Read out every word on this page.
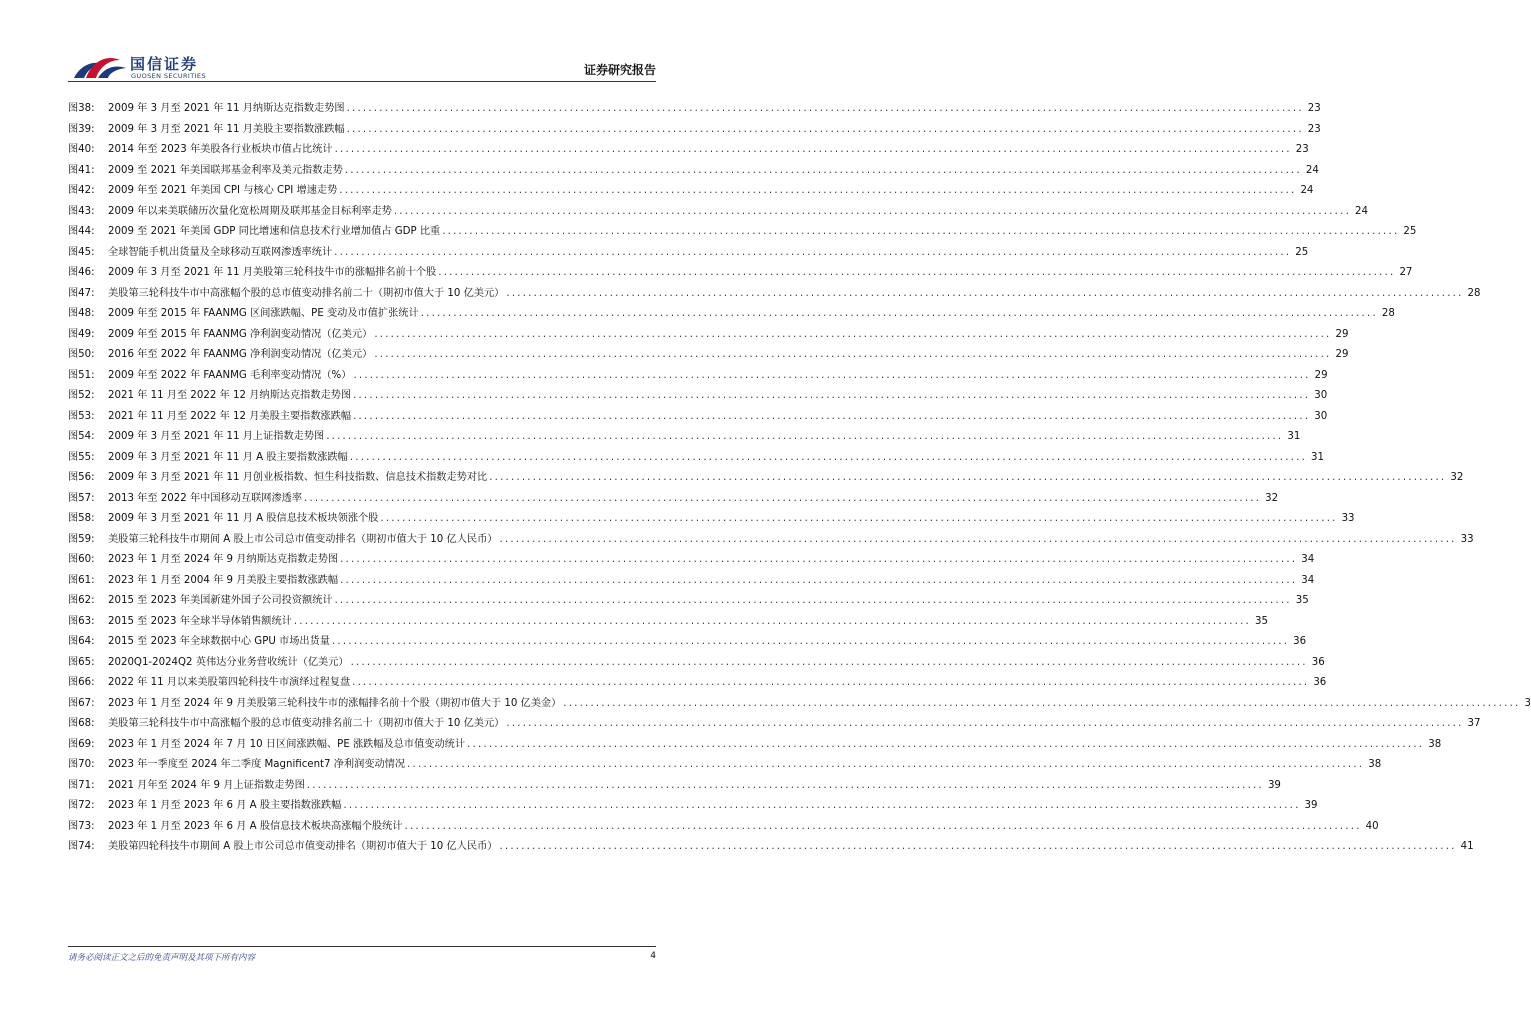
国信证券
GUOSEN SECURITIES	证券研究报告
图38:	2009 年 3 月至 2021 年 11 月纳斯达克指数走势图 .....	23
图39:	2009 年 3 月至 2021 年 11 月美股主要指数涨跌幅 .....	23
图40:	2014 年至 2023 年美股各行业板块市值占比统计 .....	23
图41:	2009 至 2021 年美国联邦基金利率及美元指数走势 .....	24
图42:	2009 年至 2021 年美国 CPI 与核心 CPI 增速走势 .....	24
图43:	2009 年以来美联储历次量化宽松周期及联邦基金目标利率走势 .....	24
图44:	2009 至 2021 年美国 GDP 同比增速和信息技术行业增加值占 GDP 比重 .....	25
图45:	全球智能手机出货量及全球移动互联网渗透率统计 .....	25
图46:	2009 年 3 月至 2021 年 11 月美股第三轮科技牛市的涨幅排名前十个股 .....	27
图47:	美股第三轮科技牛市中高涨幅个股的总市值变动排名前二十（期初市值大于 10 亿美元） .....	28
图48:	2009 年至 2015 年 FAANMG 区间涨跌幅、PE 变动及市值扩张统计 .....	28
图49:	2009 年至 2015 年 FAANMG 净利润变动情况（亿美元） .....	29
图50:	2016 年至 2022 年 FAANMG 净利润变动情况（亿美元） .....	29
图51:	2009 年至 2022 年 FAANMG 毛利率变动情况（%） .....	29
图52:	2021 年 11 月至 2022 年 12 月纳斯达克指数走势图 .....	30
图53:	2021 年 11 月至 2022 年 12 月美股主要指数涨跌幅 .....	30
图54:	2009 年 3 月至 2021 年 11 月上证指数走势图 .....	31
图55:	2009 年 3 月至 2021 年 11 月 A 股主要指数涨跌幅 .....	31
图56:	2009 年 3 月至 2021 年 11 月创业板指数、恒生科技指数、信息技术指数走势对比 .....	32
图57:	2013 年至 2022 年中国移动互联网渗透率 .....	32
图58:	2009 年 3 月至 2021 年 11 月 A 股信息技术板块领涨个股 .....	33
图59:	美股第三轮科技牛市期间 A 股上市公司总市值变动排名（期初市值大于 10 亿人民币） .....	33
图60:	2023 年 1 月至 2024 年 9 月纳斯达克指数走势图 .....	34
图61:	2023 年 1 月至 2004 年 9 月美股主要指数涨跌幅 .....	34
图62:	2015 至 2023 年美国新建外国子公司投资额统计 .....	35
图63:	2015 至 2023 年全球半导体销售额统计 .....	35
图64:	2015 至 2023 年全球数据中心 GPU 市场出货量 .....	36
图65:	2020Q1-2024Q2 英伟达分业务营收统计（亿美元） .....	36
图66:	2022 年 11 月以来美股第四轮科技牛市演绎过程复盘 .....	36
图67:	2023 年 1 月至 2024 年 9 月美股第三轮科技牛市的涨幅排名前十个股（期初市值大于 10 亿美金） .....	3
图68:	美股第三轮科技牛市中高涨幅个股的总市值变动排名前二十（期初市值大于 10 亿美元） .....	37
图69:	2023 年 1 月至 2024 年 7 月 10 日区间涨跌幅、PE 涨跌幅及总市值变动统计 .....	38
图70:	2023 年一季度至 2024 年二季度 Magnificent7 净利润变动情况 .....	38
图71:	2021 月年至 2024 年 9 月上证指数走势图 .....	39
图72:	2023 年 1 月至 2023 年 6 月 A 股主要指数涨跌幅 .....	39
图73:	2023 年 1 月至 2023 年 6 月 A 股信息技术板块高涨幅个股统计 .....	40
图74:	美股第四轮科技牛市期间 A 股上市公司总市值变动排名（期初市值大于 10 亿人民币） .....	41
请务必阅读正文之后的免责声明及其项下所有内容	4
